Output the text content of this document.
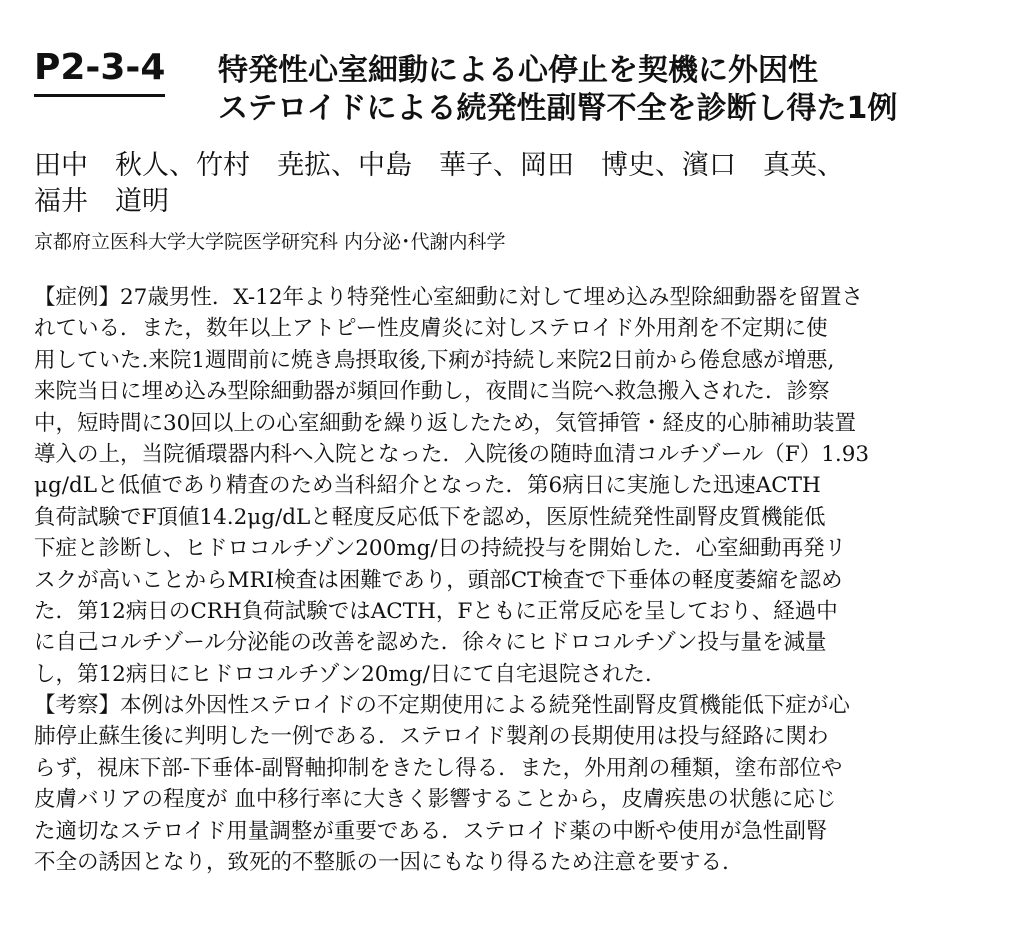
P2-3-4 特発性心室細動による心停止を契機に外因性
ステロイドによる続発性副腎不全を診断し得た1例
田中　秋人、竹村　尭拡、中島　華子、岡田　博史、濱口　真英、
福井　道明
京都府立医科大学大学院医学研究科 内分泌･代謝内科学
【症例】27歳男性．X-12年より特発性心室細動に対して埋め込み型除細動器を留置さ
れている．また，数年以上アトピー性皮膚炎に対しステロイド外用剤を不定期に使
用していた.来院1週間前に焼き鳥摂取後,下痢が持続し来院2日前から倦怠感が増悪,
来院当日に埋め込み型除細動器が頻回作動し，夜間に当院へ救急搬入された．診察
中，短時間に30回以上の心室細動を繰り返したため，気管挿管・経皮的心肺補助装置
導入の上，当院循環器内科へ入院となった．入院後の随時血清コルチゾール（F）1.93
μg/dLと低値であり精査のため当科紹介となった．第6病日に実施した迅速ACTH
負荷試験でF頂値14.2μg/dLと軽度反応低下を認め，医原性続発性副腎皮質機能低
下症と診断し、ヒドロコルチゾン200mg/日の持続投与を開始した．心室細動再発リ
スクが高いことからMRI検査は困難であり，頭部CT検査で下垂体の軽度萎縮を認め
た．第12病日のCRH負荷試験ではACTH，Fともに正常反応を呈しており、経過中
に自己コルチゾール分泌能の改善を認めた．徐々にヒドロコルチゾン投与量を減量
し，第12病日にヒドロコルチゾン20mg/日にて自宅退院された.
【考察】本例は外因性ステロイドの不定期使用による続発性副腎皮質機能低下症が心
肺停止蘇生後に判明した一例である．ステロイド製剤の長期使用は投与経路に関わ
らず，視床下部-下垂体-副腎軸抑制をきたし得る．また，外用剤の種類，塗布部位や
皮膚バリアの程度が 血中移行率に大きく影響することから，皮膚疾患の状態に応じ
た適切なステロイド用量調整が重要である．ステロイド薬の中断や使用が急性副腎
不全の誘因となり，致死的不整脈の一因にもなり得るため注意を要する.
